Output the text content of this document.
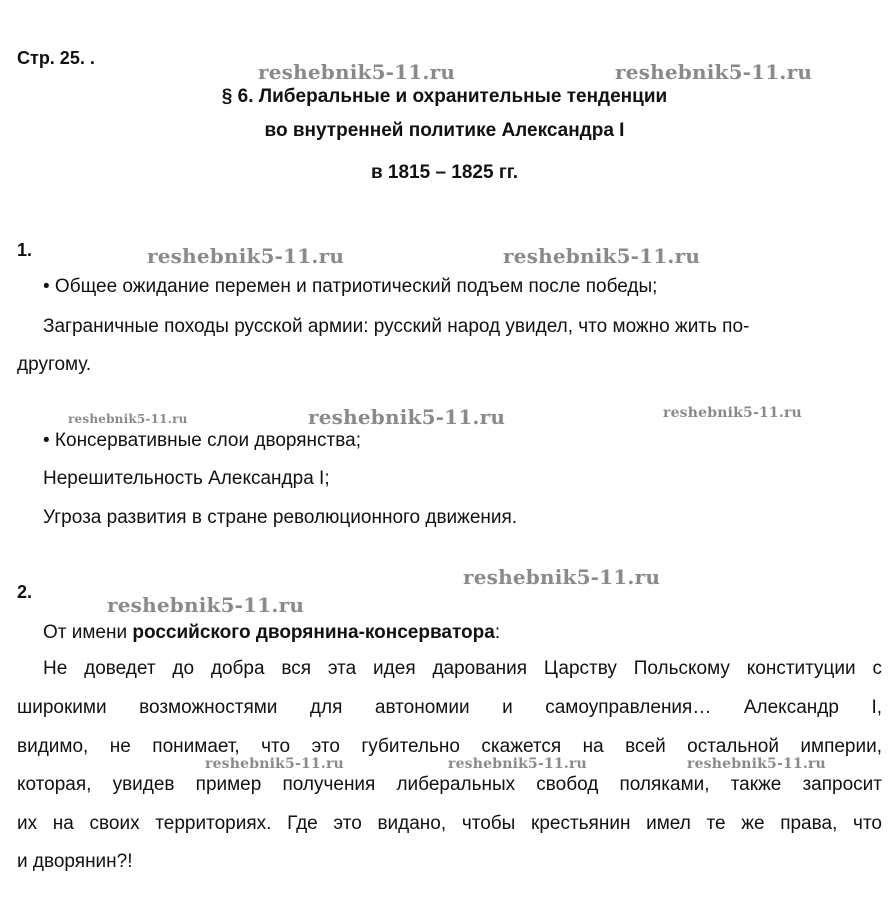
reshebnik5-11.ru	reshebnik5-11.ru
reshebnik5-11.ru	reshebnik5-11.ru
reshebnik5-11.ru	reshebnik5-11.ru	reshebnik5-11.ru
reshebnik5-11.ru
reshebnik5-11.ru
reshebnik5-11.ru	reshebnik5-11.ru	reshebnik5-11.ru
Стр. 25. .
§ 6. Либеральные и охранительные тенденции
во внутренней политике Александра I
в 1815 – 1825 гг.
1.
• Общее ожидание перемен и патриотический подъем после победы;
Заграничные походы русской армии: русский народ увидел, что можно жить по-
другому.
• Консервативные слои дворянства;
Нерешительность Александра I;
Угроза развития в стране революционного движения.
2.
От имени российского дворянина-консерватора:
Не доведет до добра вся эта идея дарования Царству Польскому конституции с
широкими возможностями для автономии и самоуправления… Александр I,
видимо, не понимает, что это губительно скажется на всей остальной империи,
которая, увидев пример получения либеральных свобод поляками, также запросит
их на своих территориях. Где это видано, чтобы крестьянин имел те же права, что
и дворянин?!
